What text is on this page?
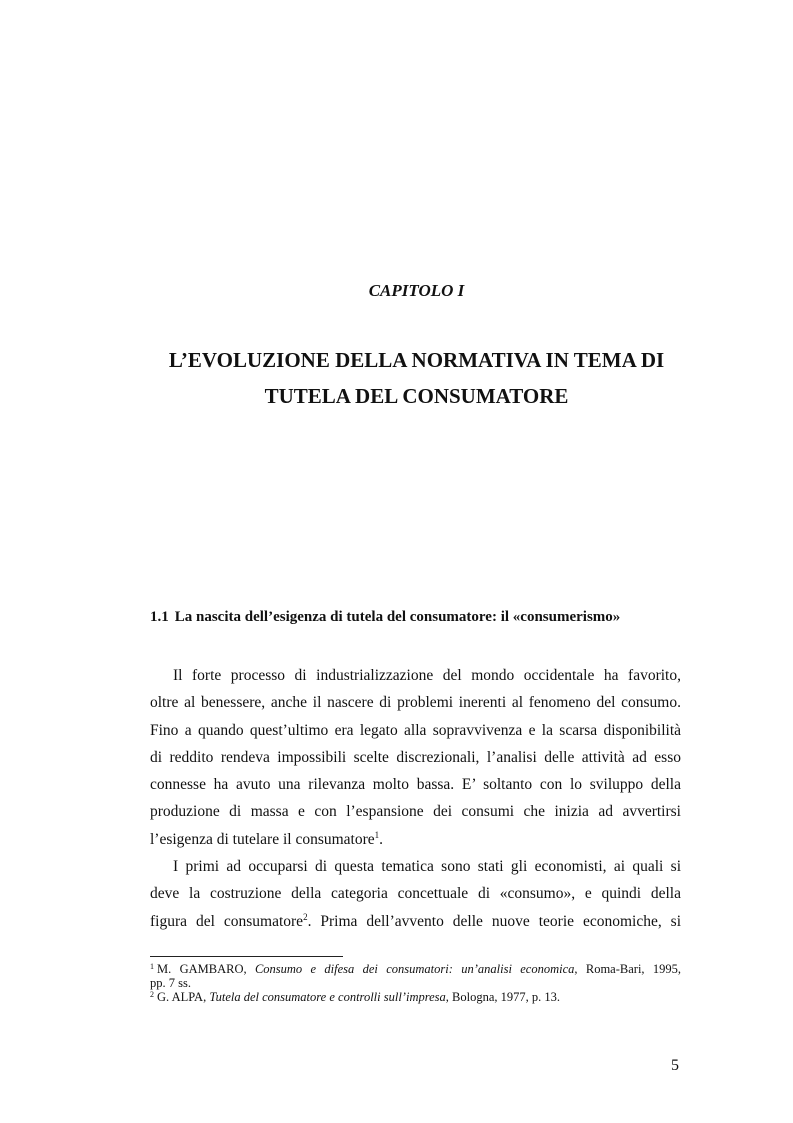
CAPITOLO I
L’EVOLUZIONE DELLA NORMATIVA IN TEMA DI
TUTELA DEL CONSUMATORE
1.1 La nascita dell’esigenza di tutela del consumatore: il «consumerismo»
Il forte processo di industrializzazione del mondo occidentale ha favorito,
oltre al benessere, anche il nascere di problemi inerenti al fenomeno del consumo.
Fino a quando quest’ultimo era legato alla sopravvivenza e la scarsa disponibilità
di reddito rendeva impossibili scelte discrezionali, l’analisi delle attività ad esso
connesse ha avuto una rilevanza molto bassa. E’ soltanto con lo sviluppo della
produzione di massa e con l’espansione dei consumi che inizia ad avvertirsi
l’esigenza di tutelare il consumatore$^1$.
I primi ad occuparsi di questa tematica sono stati gli economisti, ai quali si
deve la costruzione della categoria concettuale di «consumo», e quindi della
figura del consumatore$^2$. Prima dell’avvento delle nuove teorie economiche, si
$^1$ M. GAMBARO, Consumo e difesa dei consumatori: un’analisi economica, Roma-Bari, 1995,
pp. 7 ss.
$^2$ G. ALPA, Tutela del consumatore e controlli sull’impresa, Bologna, 1977, p. 13.
5
